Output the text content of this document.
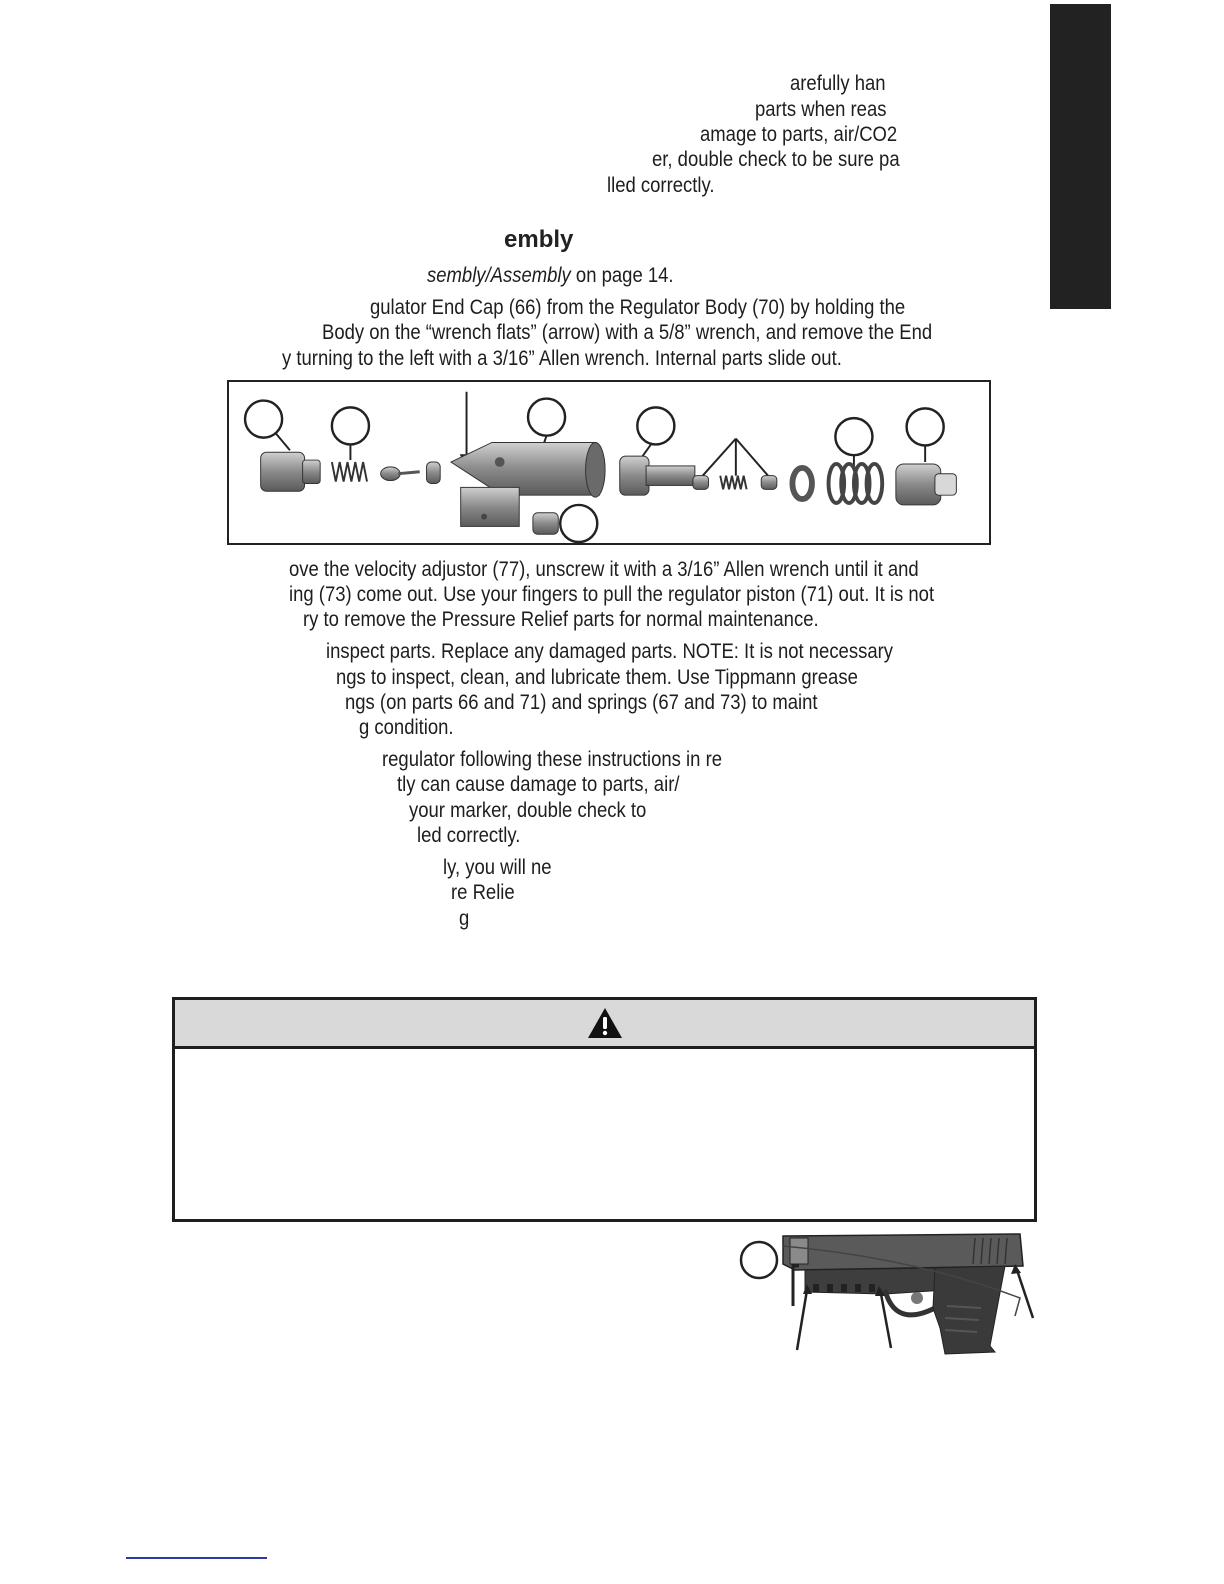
arefully han
parts when reas
amage to parts, air/CO2
er, double check to be sure pa
lled correctly.
embly
sembly/Assembly on page 14.
gulator End Cap (66) from the Regulator Body (70) by holding the
Body on the “wrench flats” (arrow) with a 5/8” wrench, and remove the End
y turning to the left with a 3/16” Allen wrench. Internal parts slide out.
ove the velocity adjustor (77), unscrew it with a 3/16” Allen wrench until it and
ing (73) come out. Use your fingers to pull the regulator piston (71) out. It is not
ry to remove the Pressure Relief parts for normal maintenance.
inspect parts. Replace any damaged parts. NOTE: It is not necessary
ngs to inspect, clean, and lubricate them. Use Tippmann grease
ngs (on parts 66 and 71) and springs (67 and 73) to maint
g condition.
regulator following these instructions in re
tly can cause damage to parts, air/
your marker, double check to
led correctly.
ly, you will ne
re Relie
g
